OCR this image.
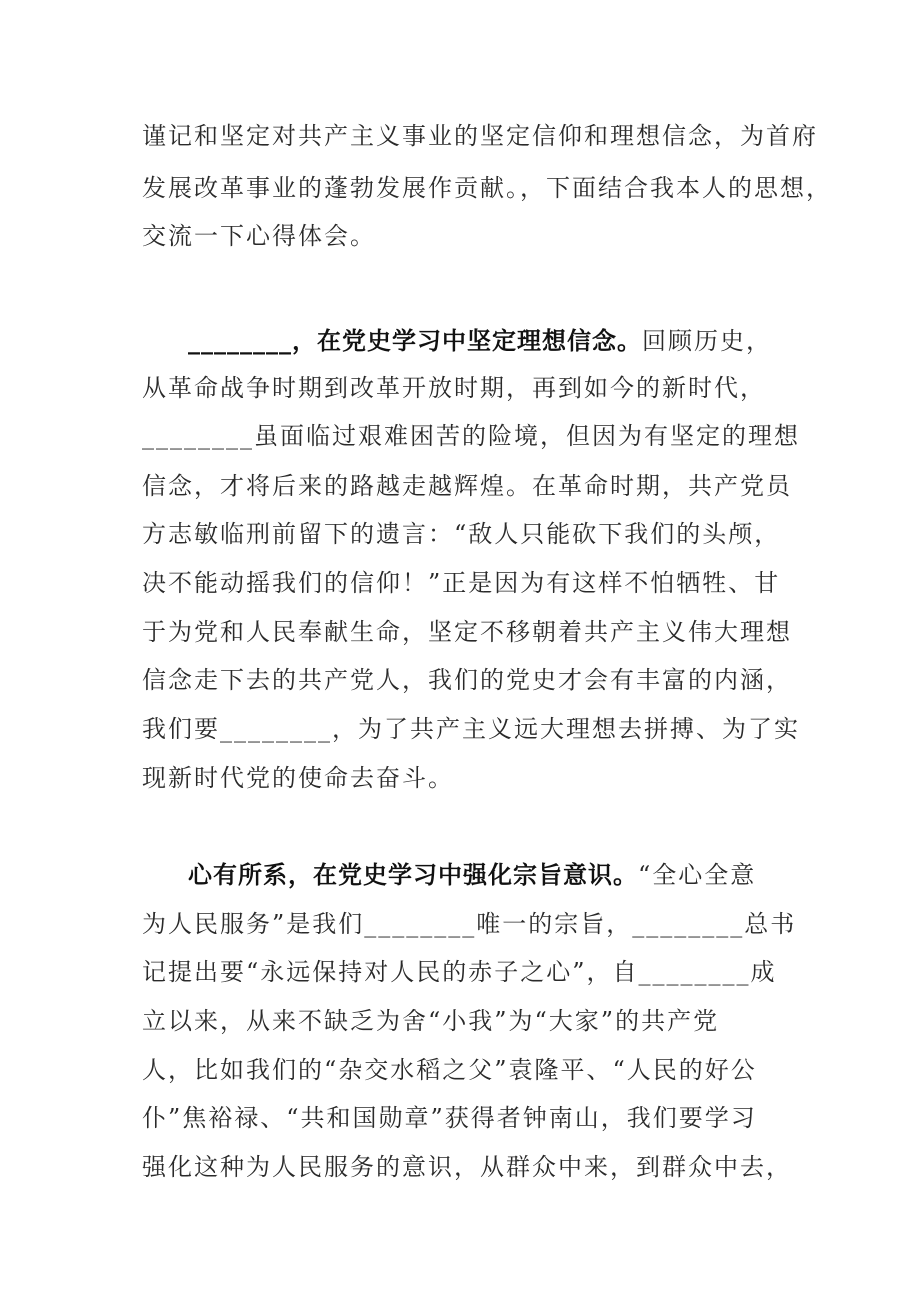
谨记和坚定对共产主义事业的坚定信仰和理想信念，为首府

发展改革事业的蓬勃发展作贡献。，下面结合我本人的思想，

交流一下心得体会。

________，在党史学习中坚定理想信念。回顾历史，

从革命战争时期到改革开放时期，再到如今的新时代，

________虽面临过艰难困苦的险境，但因为有坚定的理想

信念，才将后来的路越走越辉煌。在革命时期，共产党员

方志敏临刑前留下的遗言：“敌人只能砍下我们的头颅，

决不能动摇我们的信仰！”正是因为有这样不怕牺牲、甘

于为党和人民奉献生命，坚定不移朝着共产主义伟大理想

信念走下去的共产党人，我们的党史才会有丰富的内涵，

我们要________，为了共产主义远大理想去拼搏、为了实

现新时代党的使命去奋斗。

心有所系，在党史学习中强化宗旨意识。“全心全意

为人民服务”是我们________唯一的宗旨，________总书

记提出要“永远保持对人民的赤子之心”，自________成

立以来，从来不缺乏为舍“小我”为“大家”的共产党

人，比如我们的“杂交水稻之父”袁隆平、“人民的好公

仆”焦裕禄、“共和国勋章”获得者钟南山，我们要学习

强化这种为人民服务的意识，从群众中来，到群众中去，
